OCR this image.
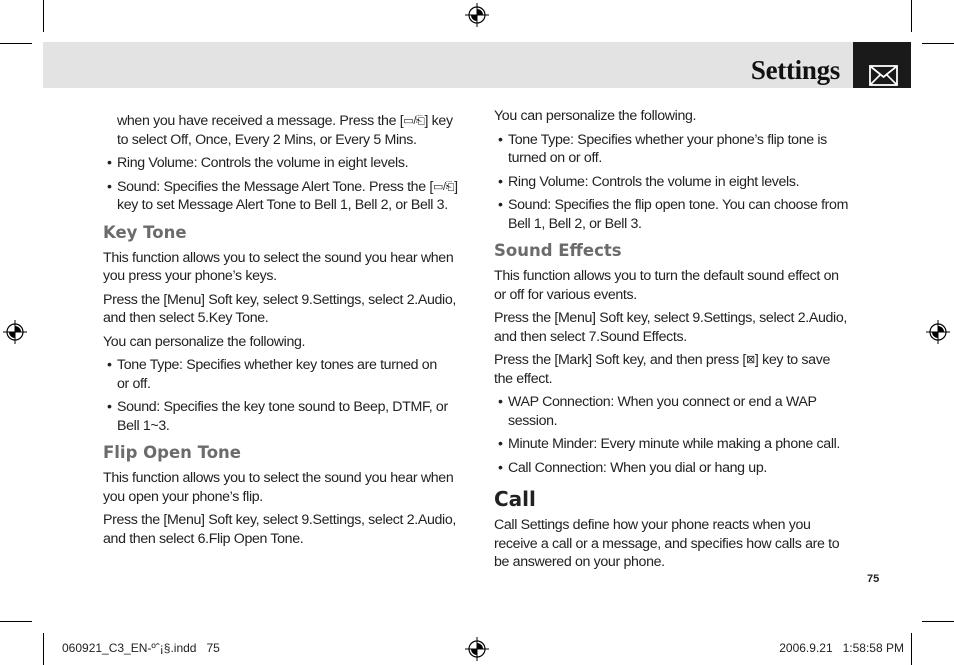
Settings

when you have received a message. Press the [▭/⎗] key to select Off, Once, Every 2 Mins, or Every 5 Mins.

• Ring Volume: Controls the volume in eight levels.
• Sound: Specifies the Message Alert Tone. Press the [▭/⎗] key to set Message Alert Tone to Bell 1, Bell 2, or Bell 3.
Key Tone

This function allows you to select the sound you hear when you press your phone’s keys.

Press the [Menu] Soft key, select 9.Settings, select 2.Audio, and then select 5.Key Tone.

You can personalize the following.

• Tone Type: Specifies whether key tones are turned on or off.
• Sound: Specifies the key tone sound to Beep, DTMF, or Bell 1~3.
Flip Open Tone

This function allows you to select the sound you hear when you open your phone’s flip.

Press the [Menu] Soft key, select 9.Settings, select 2.Audio, and then select 6.Flip Open Tone.

You can personalize the following.

• Tone Type: Specifies whether your phone’s flip tone is turned on or off.
• Ring Volume: Controls the volume in eight levels.
• Sound: Specifies the flip open tone. You can choose from Bell 1, Bell 2, or Bell 3.
Sound Effects

This function allows you to turn the default sound effect on or off for various events.

Press the [Menu] Soft key, select 9.Settings, select 2.Audio, and then select 7.Sound Effects.

Press the [Mark] Soft key, and then press [⊠] key to save the effect.

• WAP Connection: When you connect or end a WAP session.
• Minute Minder: Every minute while making a phone call.
• Call Connection: When you dial or hang up.
Call

Call Settings define how your phone reacts when you receive a call or a message, and specifies how calls are to be answered on your phone.

75
060921_C3_EN-ºˆ¡§.indd   75	2006.9.21   1:58:58 PM
